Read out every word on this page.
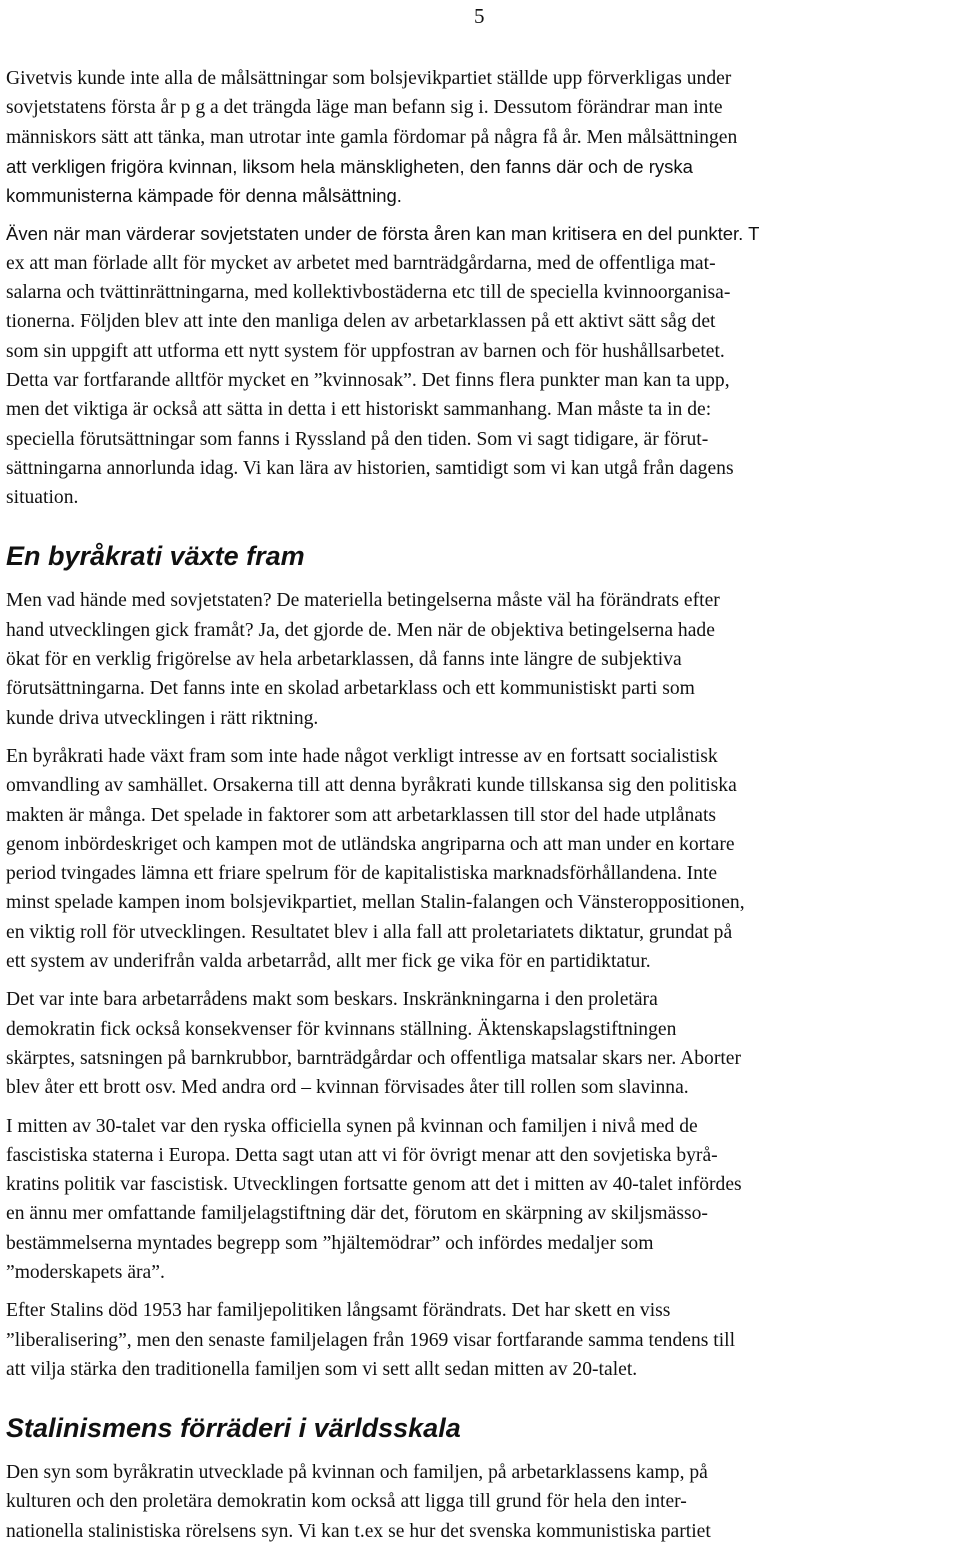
5

Givetvis kunde inte alla de målsättningar som bolsjevikpartiet ställde upp förverkligas under
sovjetstatens första år p g a det trängda läge man befann sig i. Dessutom förändrar man inte
människors sätt att tänka, man utrotar inte gamla fördomar på några få år. Men målsättningen
att verkligen frigöra kvinnan, liksom hela mänskligheten, den fanns där och de ryska
kommunisterna kämpade för denna målsättning.

Även när man värderar sovjetstaten under de första åren kan man kritisera en del punkter. T
ex att man förlade allt för mycket av arbetet med barnträdgårdarna, med de offentliga mat-
salarna och tvättinrättningarna, med kollektivbostäderna etc till de speciella kvinnoorganisa-
tionerna. Följden blev att inte den manliga delen av arbetarklassen på ett aktivt sätt såg det
som sin uppgift att utforma ett nytt system för uppfostran av barnen och för hushållsarbetet.
Detta var fortfarande alltför mycket en ”kvinnosak”. Det finns flera punkter man kan ta upp,
men det viktiga är också att sätta in detta i ett historiskt sammanhang. Man måste ta in de:
speciella förutsättningar som fanns i Ryssland på den tiden. Som vi sagt tidigare, är förut-
sättningarna annorlunda idag. Vi kan lära av historien, samtidigt som vi kan utgå från dagens
situation.

En byråkrati växte fram

Men vad hände med sovjetstaten? De materiella betingelserna måste väl ha förändrats efter
hand utvecklingen gick framåt? Ja, det gjorde de. Men när de objektiva betingelserna hade
ökat för en verklig frigörelse av hela arbetarklassen, då fanns inte längre de subjektiva
förutsättningarna. Det fanns inte en skolad arbetarklass och ett kommunistiskt parti som
kunde driva utvecklingen i rätt riktning.

En byråkrati hade växt fram som inte hade något verkligt intresse av en fortsatt socialistisk
omvandling av samhället. Orsakerna till att denna byråkrati kunde tillskansa sig den politiska
makten är många. Det spelade in faktorer som att arbetarklassen till stor del hade utplånats
genom inbördeskriget och kampen mot de utländska angriparna och att man under en kortare
period tvingades lämna ett friare spelrum för de kapitalistiska marknadsförhållandena. Inte
minst spelade kampen inom bolsjevikpartiet, mellan Stalin-falangen och Vänsteroppositionen,
en viktig roll för utvecklingen. Resultatet blev i alla fall att proletariatets diktatur, grundat på
ett system av underifrån valda arbetarråd, allt mer fick ge vika för en partidiktatur.

Det var inte bara arbetarrådens makt som beskars. Inskränkningarna i den proletära
demokratin fick också konsekvenser för kvinnans ställning. Äktenskapslagstiftningen
skärptes, satsningen på barnkrubbor, barnträdgårdar och offentliga matsalar skars ner. Aborter
blev åter ett brott osv. Med andra ord – kvinnan förvisades åter till rollen som slavinna.

I mitten av 30-talet var den ryska officiella synen på kvinnan och familjen i nivå med de
fascistiska staterna i Europa. Detta sagt utan att vi för övrigt menar att den sovjetiska byrå-
kratins politik var fascistisk. Utvecklingen fortsatte genom att det i mitten av 40-talet infördes
en ännu mer omfattande familjelagstiftning där det, förutom en skärpning av skiljsmässo-
bestämmelserna myntades begrepp som ”hjältemödrar” och infördes medaljer som
”moderskapets ära”.

Efter Stalins död 1953 har familjepolitiken långsamt förändrats. Det har skett en viss
”liberalisering”, men den senaste familjelagen från 1969 visar fortfarande samma tendens till
att vilja stärka den traditionella familjen som vi sett allt sedan mitten av 20-talet.

Stalinismens förräderi i världsskala

Den syn som byråkratin utvecklade på kvinnan och familjen, på arbetarklassens kamp, på
kulturen och den proletära demokratin kom också att ligga till grund för hela den inter-
nationella stalinistiska rörelsens syn. Vi kan t.ex se hur det svenska kommunistiska partiet
